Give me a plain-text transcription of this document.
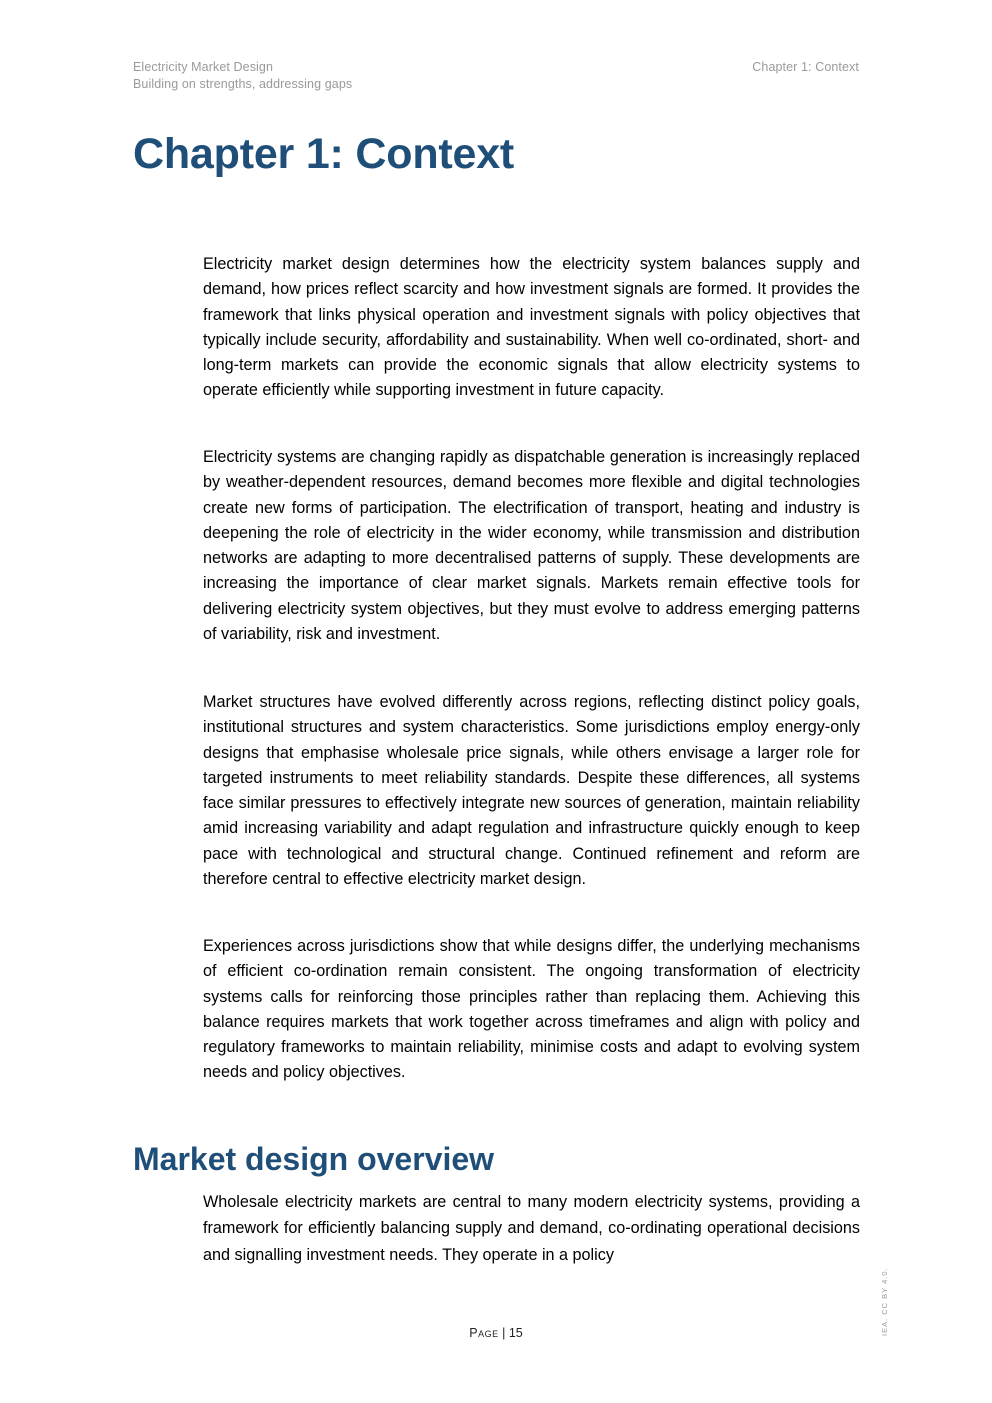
Electricity Market Design
Building on strengths, addressing gaps
Chapter 1: Context
Chapter 1: Context

Electricity market design determines how the electricity system balances supply and demand, how prices reflect scarcity and how investment signals are formed. It provides the framework that links physical operation and investment signals with policy objectives that typically include security, affordability and sustainability. When well co-ordinated, short- and long-term markets can provide the economic signals that allow electricity systems to operate efficiently while supporting investment in future capacity.

Electricity systems are changing rapidly as dispatchable generation is increasingly replaced by weather-dependent resources, demand becomes more flexible and digital technologies create new forms of participation. The electrification of transport, heating and industry is deepening the role of electricity in the wider economy, while transmission and distribution networks are adapting to more decentralised patterns of supply. These developments are increasing the importance of clear market signals. Markets remain effective tools for delivering electricity system objectives, but they must evolve to address emerging patterns of variability, risk and investment.

Market structures have evolved differently across regions, reflecting distinct policy goals, institutional structures and system characteristics. Some jurisdictions employ energy-only designs that emphasise wholesale price signals, while others envisage a larger role for targeted instruments to meet reliability standards. Despite these differences, all systems face similar pressures to effectively integrate new sources of generation, maintain reliability amid increasing variability and adapt regulation and infrastructure quickly enough to keep pace with technological and structural change. Continued refinement and reform are therefore central to effective electricity market design.

Experiences across jurisdictions show that while designs differ, the underlying mechanisms of efficient co-ordination remain consistent. The ongoing transformation of electricity systems calls for reinforcing those principles rather than replacing them. Achieving this balance requires markets that work together across timeframes and align with policy and regulatory frameworks to maintain reliability, minimise costs and adapt to evolving system needs and policy objectives.

Market design overview

Wholesale electricity markets are central to many modern electricity systems, providing a framework for efficiently balancing supply and demand, co-ordinating operational decisions and signalling investment needs. They operate in a policy

Page | 15	IEA. CC BY 4.0.
